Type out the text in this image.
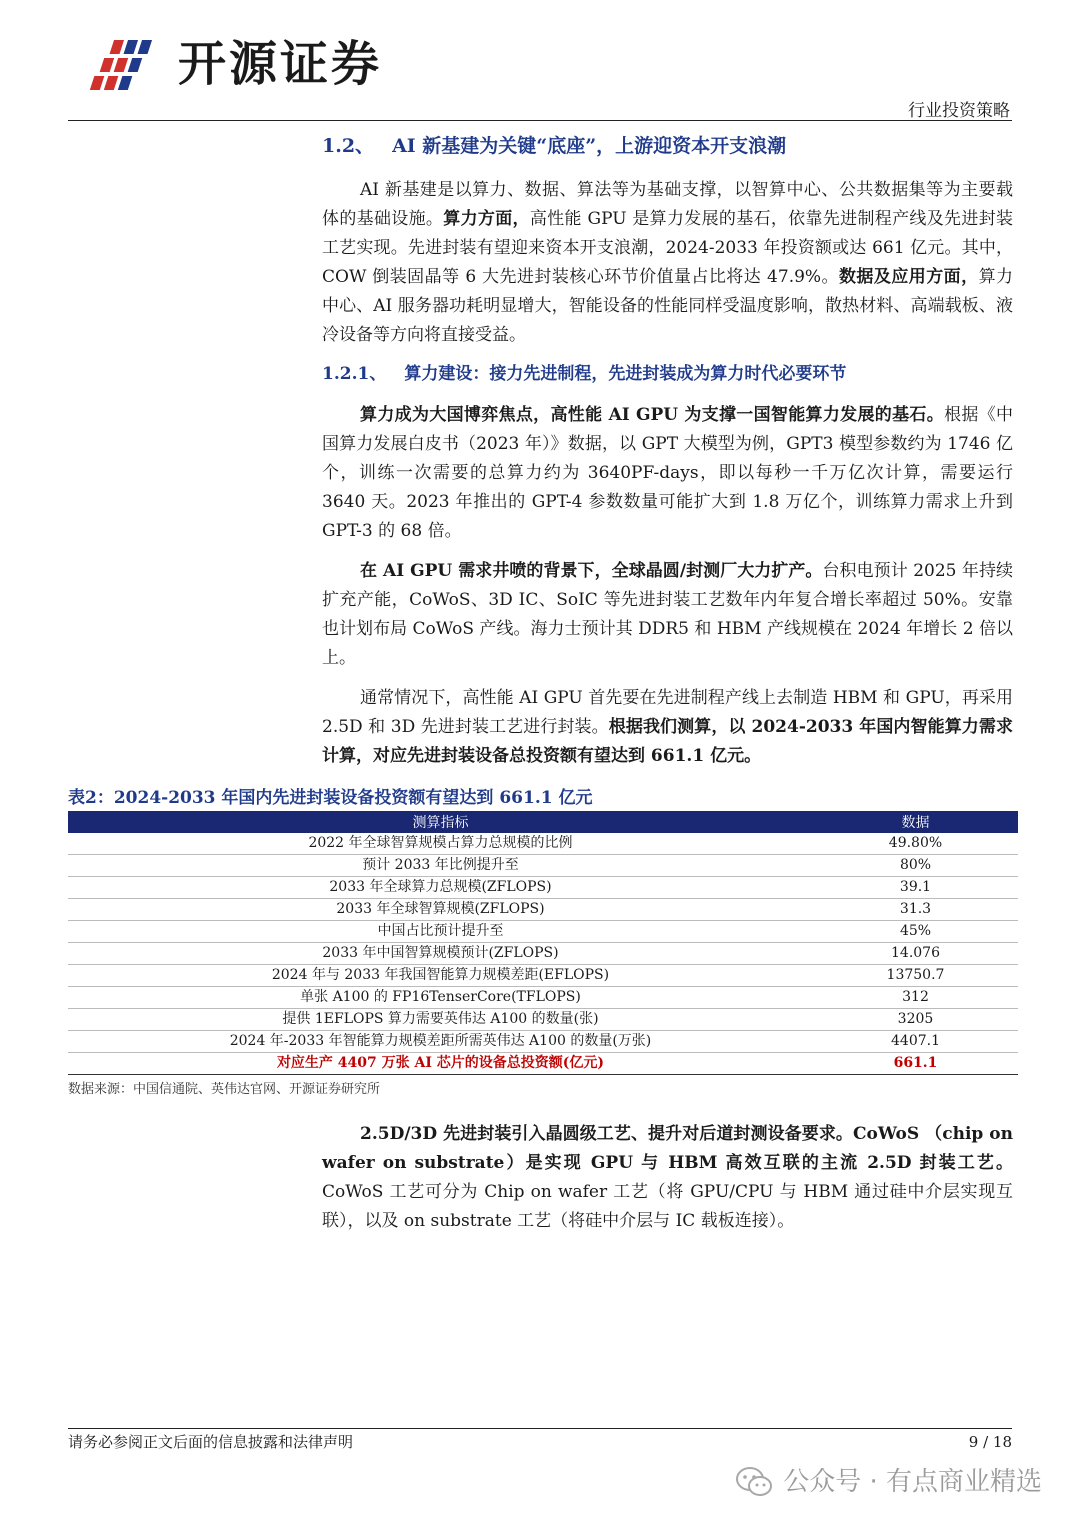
开源证券
行业投资策略
1.2、 AI 新基建为关键“底座”，上游迎资本开支浪潮

AI 新基建是以算力、数据、算法等为基础支撑，以智算中心、公共数据集等为主要载体的基础设施。算力方面，高性能 GPU 是算力发展的基石，依靠先进制程产线及先进封装工艺实现。先进封装有望迎来资本开支浪潮，2024-2033 年投资额或达 661 亿元。其中，COW 倒装固晶等 6 大先进封装核心环节价值量占比将达 47.9%。数据及应用方面，算力中心、AI 服务器功耗明显增大，智能设备的性能同样受温度影响，散热材料、高端载板、液冷设备等方向将直接受益。

1.2.1、 算力建设：接力先进制程，先进封装成为算力时代必要环节

算力成为大国博弈焦点，高性能 AI GPU 为支撑一国智能算力发展的基石。根据《中国算力发展白皮书（2023 年）》数据，以 GPT 大模型为例，GPT3 模型参数约为 1746 亿个，训练一次需要的总算力约为 3640PF-days，即以每秒一千万亿次计算，需要运行 3640 天。2023 年推出的 GPT-4 参数数量可能扩大到 1.8 万亿个，训练算力需求上升到 GPT-3 的 68 倍。

在 AI GPU 需求井喷的背景下，全球晶圆/封测厂大力扩产。台积电预计 2025 年持续扩充产能，CoWoS、3D IC、SoIC 等先进封装工艺数年内年复合增长率超过 50%。安靠也计划布局 CoWoS 产线。海力士预计其 DDR5 和 HBM 产线规模在 2024 年增长 2 倍以上。

通常情况下，高性能 AI GPU 首先要在先进制程产线上去制造 HBM 和 GPU，再采用 2.5D 和 3D 先进封装工艺进行封装。根据我们测算，以 2024-2033 年国内智能算力需求计算，对应先进封装设备总投资额有望达到 661.1 亿元。

表2：2024-2033 年国内先进封装设备投资额有望达到 661.1 亿元
测算指标	数据
2022 年全球智算规模占算力总规模的比例	49.80%
预计 2033 年比例提升至	80%
2033 年全球算力总规模(ZFLOPS)	39.1
2033 年全球智算规模(ZFLOPS)	31.3
中国占比预计提升至	45%
2033 年中国智算规模预计(ZFLOPS)	14.076
2024 年与 2033 年我国智能算力规模差距(EFLOPS)	13750.7
单张 A100 的 FP16TenserCore(TFLOPS)	312
提供 1EFLOPS 算力需要英伟达 A100 的数量(张)	3205
2024 年-2033 年智能算力规模差距所需英伟达 A100 的数量(万张)	4407.1
对应生产 4407 万张 AI 芯片的设备总投资额(亿元)	661.1
数据来源：中国信通院、英伟达官网、开源证券研究所

2.5D/3D 先进封装引入晶圆级工艺、提升对后道封测设备要求。CoWoS （chip on wafer on substrate）是实现 GPU 与 HBM 高效互联的主流 2.5D 封装工艺。CoWoS 工艺可分为 Chip on wafer 工艺（将 GPU/CPU 与 HBM 通过硅中介层实现互联），以及 on substrate 工艺（将硅中介层与 IC 载板连接）。

请务必参阅正文后面的信息披露和法律声明	9 / 18
公众号 · 有点商业精选
